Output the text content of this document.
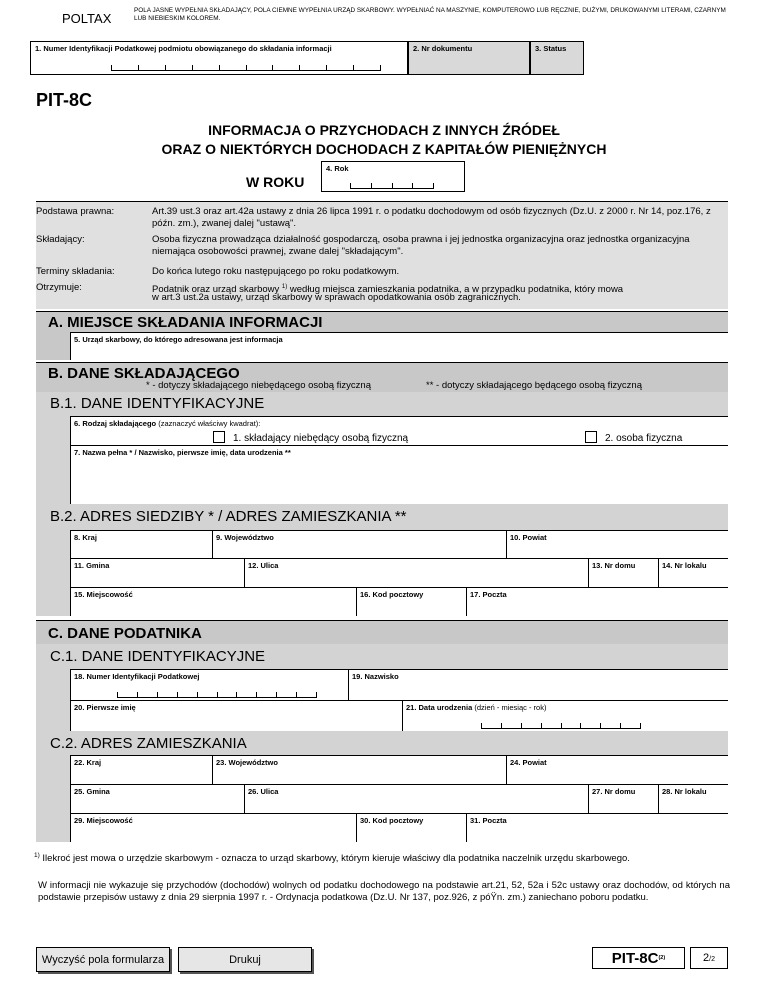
POLTAX
POLA JASNE WYPEŁNIA SKŁADAJĄCY, POLA CIEMNE WYPEŁNIA URZĄD SKARBOWY. WYPEŁNIAĆ NA MASZYNIE, KOMPUTEROWO LUB RĘCZNIE, DUŻYMI, DRUKOWANYMI LITERAMI, CZARNYM LUB NIEBIESKIM KOLOREM.
1. Numer Identyfikacji Podatkowej podmiotu obowiązanego do składania informacji	2. Nr dokumentu	3. Status
PIT-8C
INFORMACJA O PRZYCHODACH Z INNYCH ŹRÓDEŁ
ORAZ O NIEKTÓRYCH DOCHODACH Z KAPITAŁÓW PIENIĘŻNYCH
W ROKU
4. Rok
Podstawa prawna:	Art.39 ust.3 oraz art.42a ustawy z dnia 26 lipca 1991 r. o podatku dochodowym od osób fizycznych (Dz.U. z 2000 r. Nr 14, poz.176, z późn. zm.), zwanej dalej "ustawą".
Składający:	Osoba fizyczna prowadząca działalność gospodarczą, osoba prawna i jej jednostka organizacyjna oraz jednostka organizacyjna niemająca osobowości prawnej, zwane dalej "składającym".
Terminy składania:	Do końca lutego roku następującego po roku podatkowym.
Otrzymuje:	Podatnik oraz urząd skarbowy $^{1)}$ według miejsca zamieszkania podatnika, a w przypadku podatnika, który mowa
w art.3 ust.2a ustawy, urząd skarbowy w sprawach opodatkowania osób zagranicznych.
A. MIEJSCE SKŁADANIA INFORMACJI
5. Urząd skarbowy, do którego adresowana jest informacja
B. DANE SKŁADAJĄCEGO
* - dotyczy składającego niebędącego osobą fizyczną	** - dotyczy składającego będącego osobą fizyczną
B.1. DANE IDENTYFIKACYJNE
6. Rodzaj składającego (zaznaczyć właściwy kwadrat):
1. składający niebędący osobą fizyczną	2. osoba fizyczna
7. Nazwa pełna * / Nazwisko, pierwsze imię, data urodzenia **
B.2. ADRES SIEDZIBY * / ADRES ZAMIESZKANIA **
8. Kraj	9. Województwo	10. Powiat
11. Gmina	12. Ulica	13. Nr domu	14. Nr lokalu
15. Miejscowość	16. Kod pocztowy	17. Poczta
C. DANE PODATNIKA
C.1. DANE IDENTYFIKACYJNE
18. Numer Identyfikacji Podatkowej	19. Nazwisko
20. Pierwsze imię	21. Data urodzenia (dzień - miesiąc - rok)
C.2. ADRES ZAMIESZKANIA
22. Kraj	23. Województwo	24. Powiat
25. Gmina	26. Ulica	27. Nr domu	28. Nr lokalu
29. Miejscowość	30. Kod pocztowy	31. Poczta
$^{1)}$ Ilekroć jest mowa o urzędzie skarbowym - oznacza to urząd skarbowy, którym kieruje właściwy dla podatnika naczelnik urzędu skarbowego.
W informacji nie wykazuje się przychodów (dochodów) wolnych od podatku dochodowego na podstawie art.21, 52, 52a i 52c ustawy oraz dochodów, od których na podstawie przepisów ustawy z dnia 29 sierpnia 1997 r. - Ordynacja podatkowa (Dz.U. Nr 137, poz.926, z póŸn. zm.) zaniechano poboru podatku.
Wyczyść pola formularza	Drukuj	PIT-8C (2)	2 /2
